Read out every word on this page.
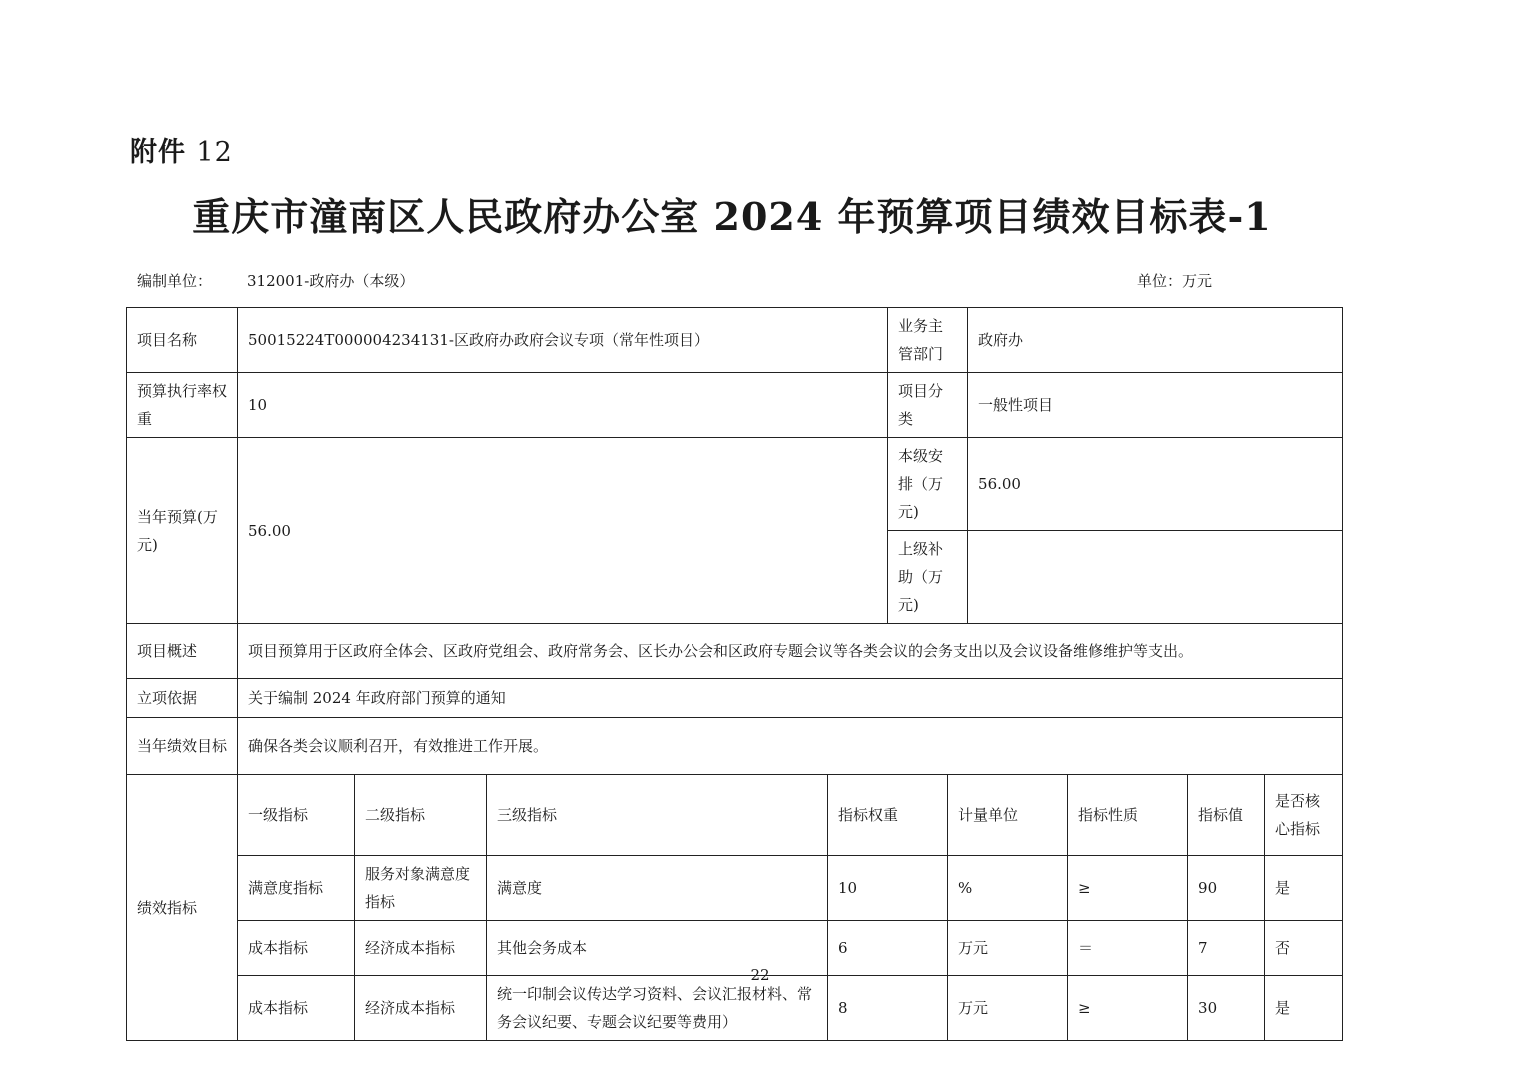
附件 12
重庆市潼南区人民政府办公室 2024 年预算项目绩效目标表-1
编制单位： 312001-政府办（本级）	单位：万元
项目名称	50015224T000004234131-区政府办政府会议专项（常年性项目）				业务主管部门		政府办			
预算执行率权重	10				项目分类		一般性项目			
当年预算(万元)	56.00				本级安排（万元)		56.00			
					上级补助（万元)					
项目概述	项目预算用于区政府全体会、区政府党组会、政府常务会、区长办公会和区政府专题会议等各类会议的会务支出以及会议设备维修维护等支出。									
立项依据	关于编制 2024 年政府部门预算的通知									
当年绩效目标	确保各类会议顺利召开，有效推进工作开展。									
绩效指标	一级指标	二级指标	三级指标	指标权重		计量单位		指标性质	指标值	是否核心指标
	满意度指标	服务对象满意度指标	满意度	10		%		≥	90	是
	成本指标	经济成本指标	其他会务成本	6		万元		＝	7	否
	成本指标	经济成本指标	统一印制会议传达学习资料、会议汇报材料、常务会议纪要、专题会议纪要等费用）	8		万元		≥	30	是
22
